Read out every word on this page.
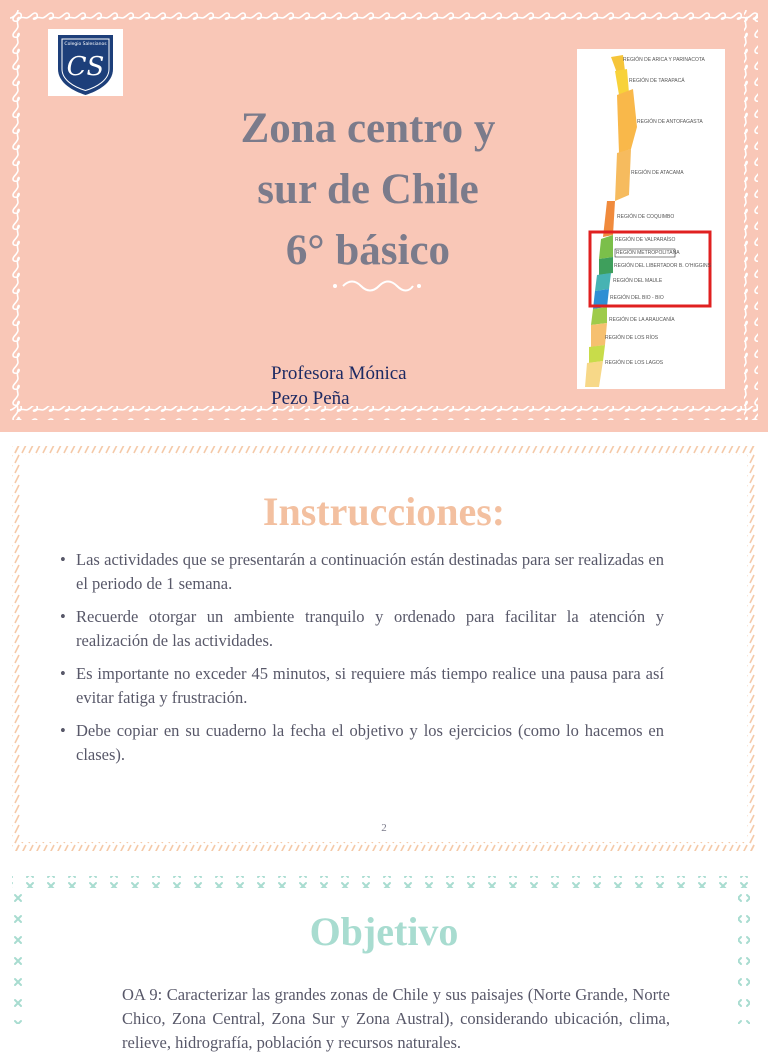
Colegio Salesianos
CS
Zona centro y
sur de Chile
6° básico
Profesora Mónica
Pezo Peña
REGIÓN DE ARICA Y PARINACOTA
REGIÓN DE TARAPACÁ
REGIÓN DE ANTOFAGASTA
REGIÓN DE ATACAMA
REGIÓN DE COQUIMBO
REGIÓN DE VALPARAÍSO
REGIÓN METROPOLITANA
REGIÓN DEL LIBERTADOR B. O'HIGGINS
REGIÓN DEL MAULE
REGIÓN DEL BIO - BIO
REGIÓN DE LA ARAUCANÍA
REGIÓN DE LOS RÍOS
REGIÓN DE LOS LAGOS
Instrucciones:
• Las actividades que se presentarán a continuación están destinadas para ser realizadas en el periodo de 1 semana.
• Recuerde otorgar un ambiente tranquilo y ordenado para facilitar la atención y realización de las actividades.
• Es importante no exceder 45 minutos, si requiere más tiempo realice una pausa para así evitar fatiga y frustración.
• Debe copiar en su cuaderno la fecha el objetivo y los ejercicios (como lo hacemos en clases).
2
Objetivo
OA 9: Caracterizar las grandes zonas de Chile y sus paisajes (Norte Grande, Norte Chico, Zona Central, Zona Sur y Zona Austral), considerando ubicación, clima, relieve, hidrografía, población y recursos naturales.
